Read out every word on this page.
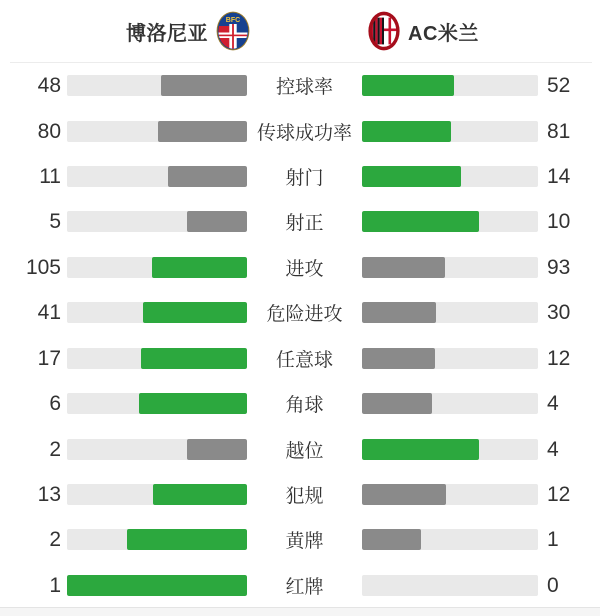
博洛尼亚
BFC
AC米兰
48	控球率	52
80	传球成功率	81
11	射门	14
5	射正	10
105	进攻	93
41	危险进攻	30
17	任意球	12
6	角球	4
2	越位	4
13	犯规	12
2	黄牌	1
1	红牌	0
